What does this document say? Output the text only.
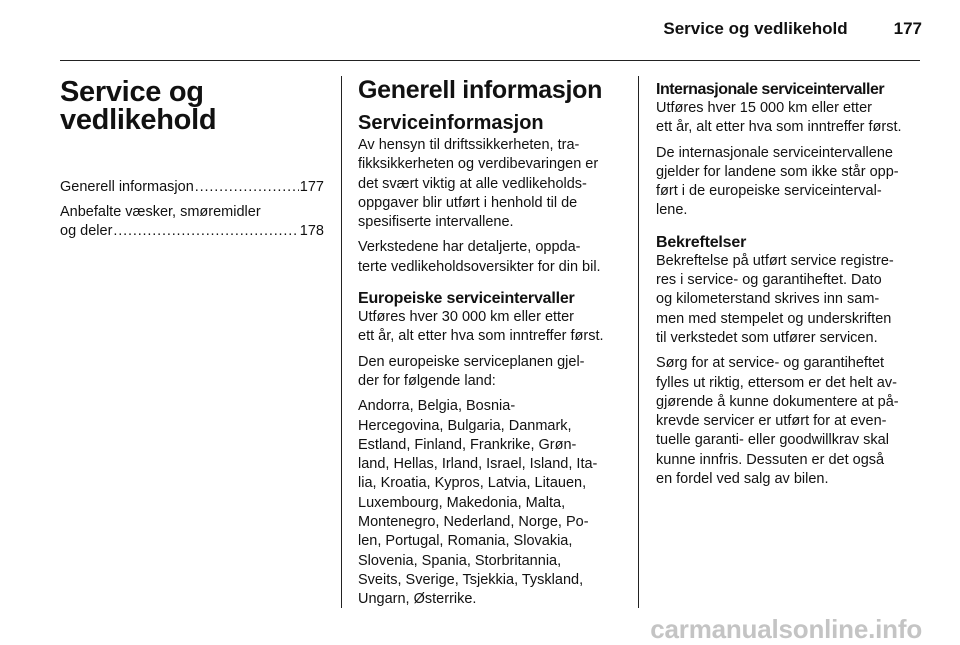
Service og vedlikehold	177
Service og
vedlikehold
Generell informasjon . . .	177
Anbefalte væsker, smøremidler
og deler . . .	178
Generell informasjon
Serviceinformasjon

Av hensyn til driftssikkerheten, tra-
fikksikkerheten og verdibevaringen er
det svært viktig at alle vedlikeholds-
oppgaver blir utført i henhold til de
spesifiserte intervallene.

Verkstedene har detaljerte, oppda-
terte vedlikeholdsoversikter for din bil.

Europeiske serviceintervaller

Utføres hver 30 000 km eller etter
ett år, alt etter hva som inntreffer først.

Den europeiske serviceplanen gjel-
der for følgende land:

Andorra, Belgia, Bosnia-
Hercegovina, Bulgaria, Danmark,
Estland, Finland, Frankrike, Grøn-
land, Hellas, Irland, Israel, Island, Ita-
lia, Kroatia, Kypros, Latvia, Litauen,
Luxembourg, Makedonia, Malta,
Montenegro, Nederland, Norge, Po-
len, Portugal, Romania, Slovakia,
Slovenia, Spania, Storbritannia,
Sveits, Sverige, Tsjekkia, Tyskland,
Ungarn, Østerrike.

Internasjonale serviceintervaller

Utføres hver 15 000 km eller etter
ett år, alt etter hva som inntreffer først.

De internasjonale serviceintervallene
gjelder for landene som ikke står opp-
ført i de europeiske serviceinterval-
lene.

Bekreftelser

Bekreftelse på utført service registre-
res i service- og garantiheftet. Dato
og kilometerstand skrives inn sam-
men med stempelet og underskriften
til verkstedet som utfører servicen.

Sørg for at service- og garantiheftet
fylles ut riktig, ettersom er det helt av-
gjørende å kunne dokumentere at på-
krevde servicer er utført for at even-
tuelle garanti- eller goodwillkrav skal
kunne innfris. Dessuten er det også
en fordel ved salg av bilen.

carmanualsonline.info
